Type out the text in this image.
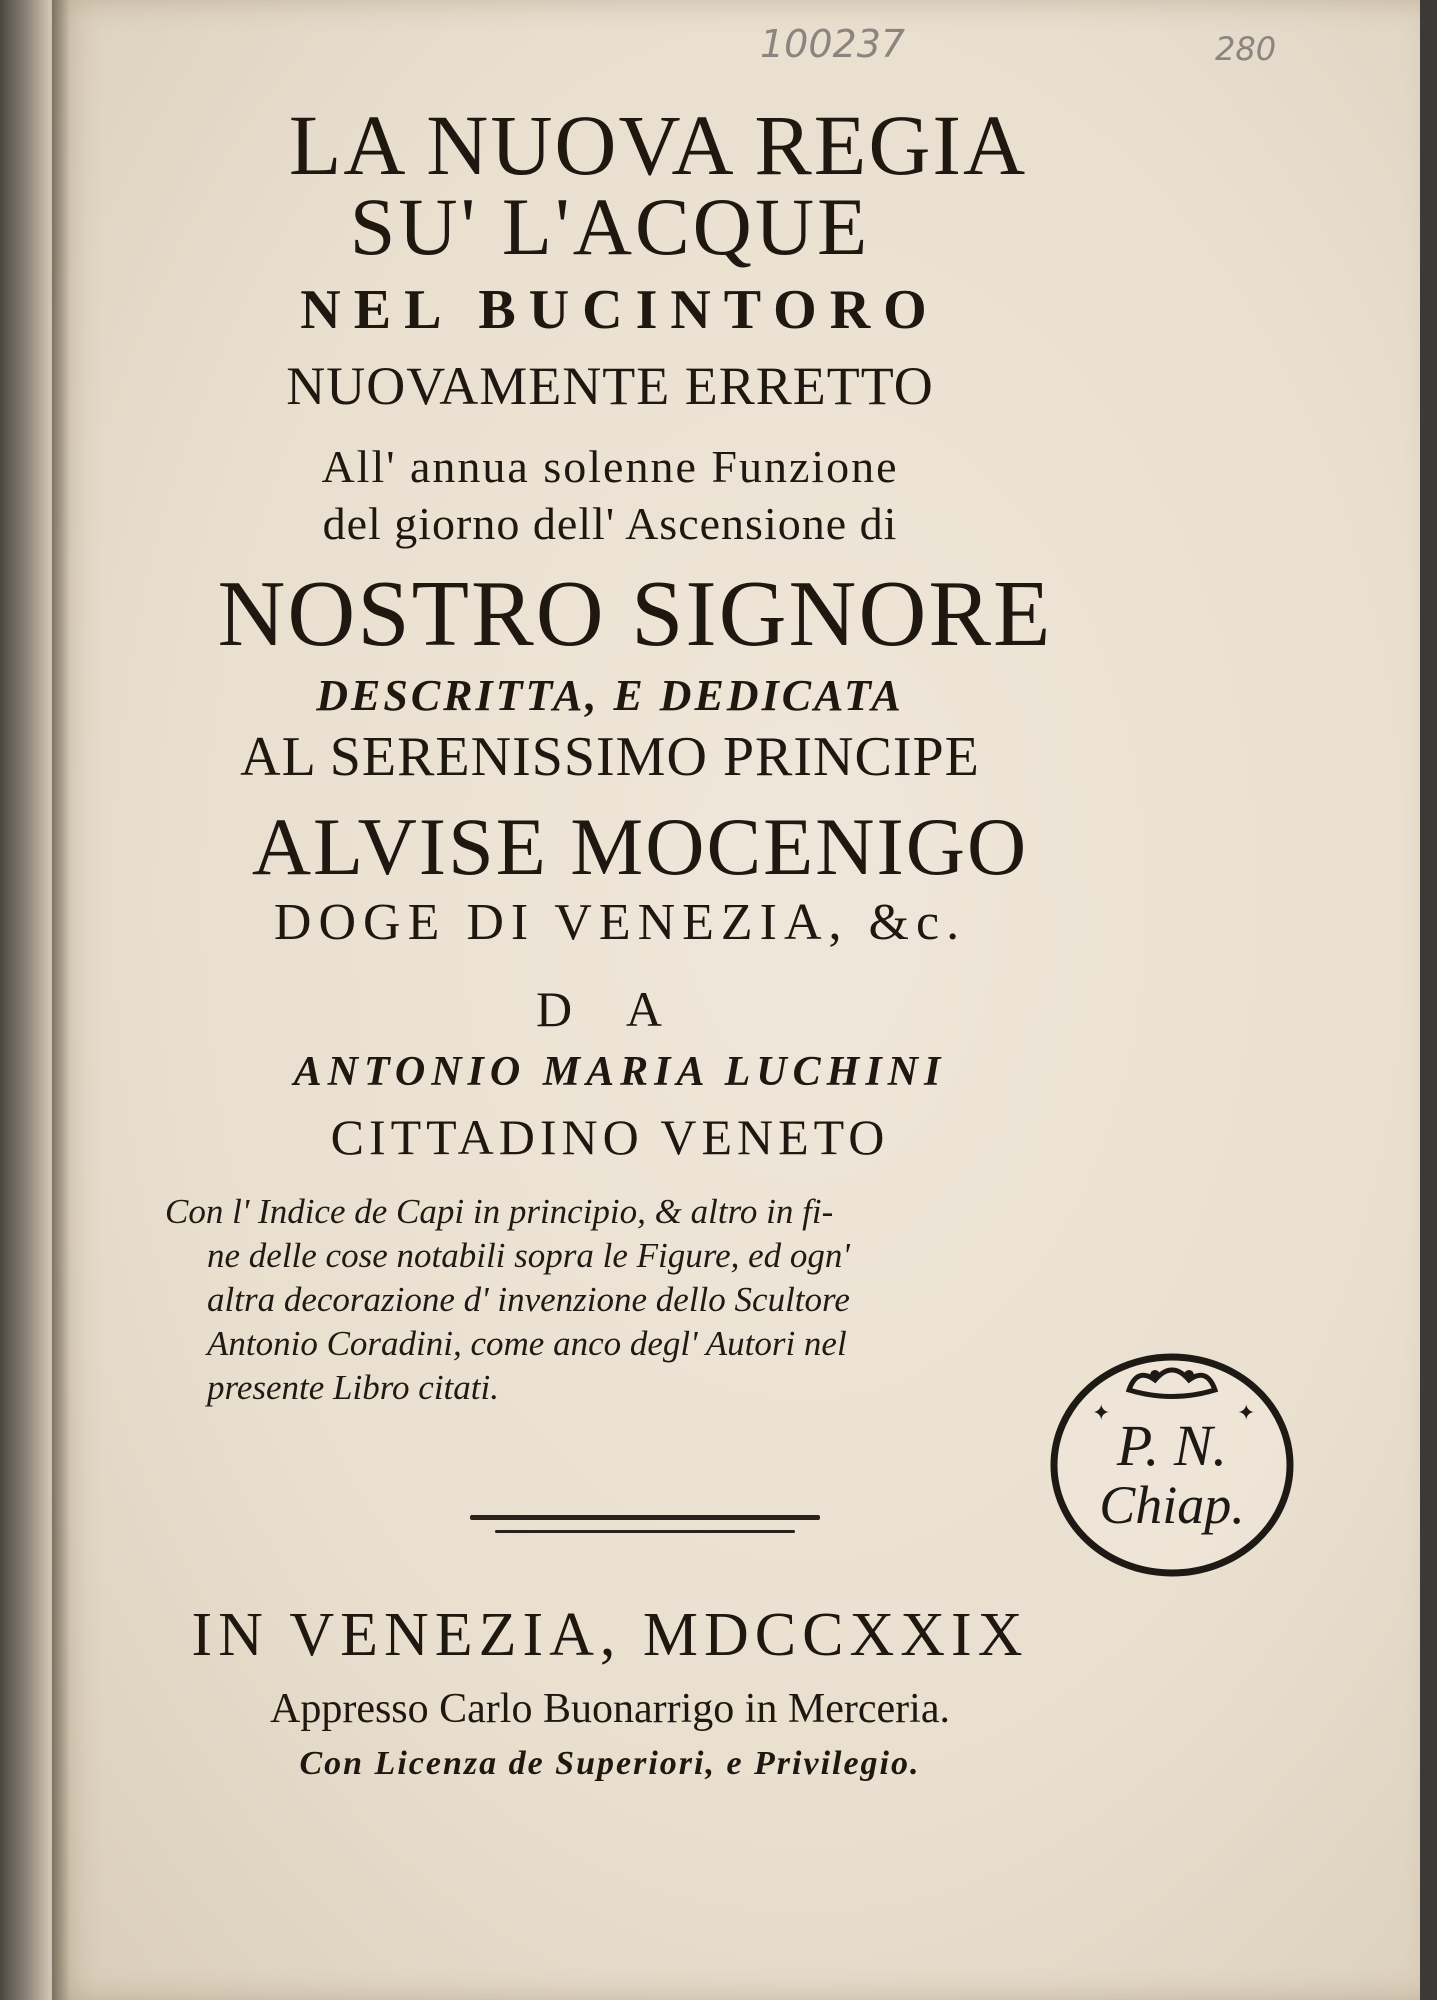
100237	280
LA NUOVA REGIA
SU' L'ACQUE
NEL BUCINTORO
NUOVAMENTE ERRETTO
All' annua solenne Funzione
del giorno dell' Ascensione di
NOSTRO SIGNORE
DESCRITTA, E DEDICATA
AL SERENISSIMO PRINCIPE
ALVISE MOCENIGO
DOGE DI VENEZIA, &c.
D A
ANTONIO MARIA LUCHINI
CITTADINO VENETO

Con l' Indice de Capi in principio, & altro in fi-

ne delle cose notabili sopra le Figure, ed ogn'

altra decorazione d' invenzione dello Scultore

Antonio Coradini, come anco degl' Autori nel

presente Libro citati.

P. N.
Chiap.
✦	✦
IN VENEZIA, MDCCXXIX
Appresso Carlo Buonarrigo in Merceria.
Con Licenza de Superiori, e Privilegio.
